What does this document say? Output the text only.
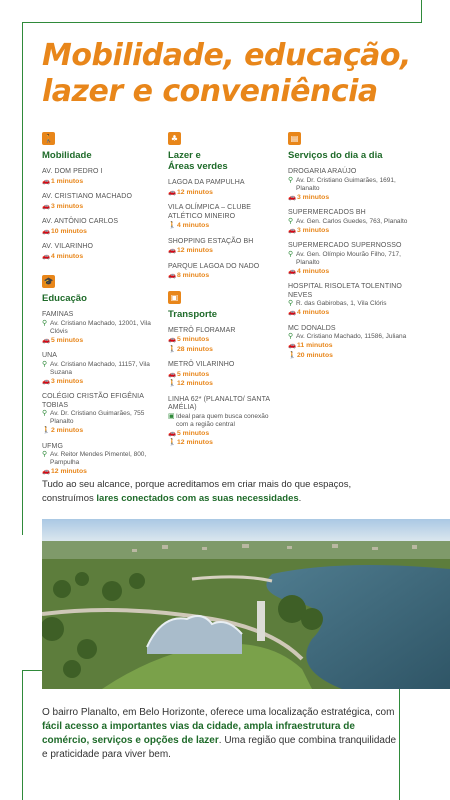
Mobilidade, educação,
lazer e conveniência
🚶
Mobilidade
AV. DOM PEDRO I
🚗1 minutos
AV. CRISTIANO MACHADO
🚗3 minutos
AV. ANTÔNIO CARLOS
🚗10 minutos
AV. VILARINHO
🚗4 minutos
🎓
Educação
FAMINAS
⚲ Av. Cristiano Machado, 12001, Vila Clóvis
🚗5 minutos
UNA
⚲ Av. Cristiano Machado, 11157, Vila Suzana
🚗3 minutos
COLÉGIO CRISTÃO EFIGÊNIA TOBIAS
⚲ Av. Dr. Cristiano Guimarães, 755 Planalto
🚶2 minutos
UFMG
⚲ Av. Reitor Mendes Pimentel, 800, Pampulha
🚗12 minutos
♣
Lazer e
Áreas verdes
LAGOA DA PAMPULHA
🚗12 minutos
VILA OLÍMPICA – CLUBE ATLÉTICO MINEIRO
🚶4 minutos
SHOPPING ESTAÇÃO BH
🚗12 minutos
PARQUE LAGOA DO NADO
🚗8 minutos
▣
Transporte
METRÔ FLORAMAR
🚗5 minutos
🚶28 minutos
METRÔ VILARINHO
🚗5 minutos
🚶12 minutos
LINHA 62* (PLANALTO/ SANTA AMÉLIA)
▣ Ideal para quem busca conexão com a região central
🚗5 minutos
🚶12 minutos
▤
Serviços do dia a dia
DROGARIA ARAÚJO
⚲ Av. Dr. Cristiano Guimarães, 1691, Planalto
🚗3 minutos
SUPERMERCADOS BH
⚲ Av. Gen. Carlos Guedes, 763, Planalto
🚗3 minutos
SUPERMERCADO SUPERNOSSO
⚲ Av. Gen. Olímpio Mourão Filho, 717, Planalto
🚗4 minutos
HOSPITAL RISOLETA TOLENTINO NEVES
⚲ R. das Gabirobas, 1, Vila Clóris
🚗4 minutos
MC DONALDS
⚲ Av. Cristiano Machado, 11586, Juliana
🚗11 minutos
🚶20 minutos
Tudo ao seu alcance, porque acreditamos em criar mais do que espaços, construímos lares conectados com as suas necessidades.
O bairro Planalto, em Belo Horizonte, oferece uma localização estratégica, com fácil acesso a importantes vias da cidade, ampla infraestrutura de comércio, serviços e opções de lazer. Uma região que combina tranquilidade e praticidade para viver bem.
